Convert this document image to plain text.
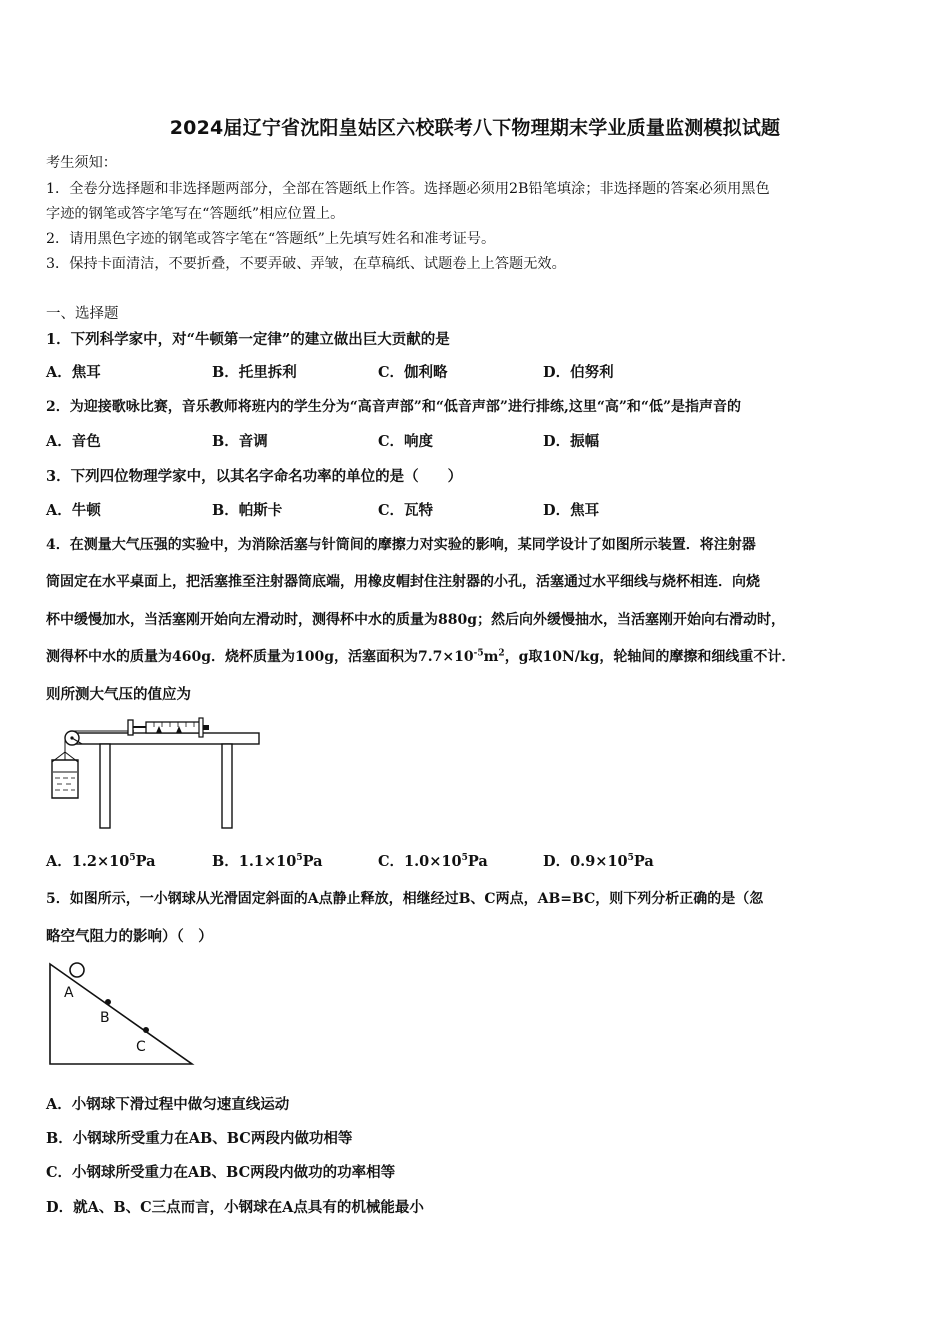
2024届辽宁省沈阳皇姑区六校联考八下物理期末学业质量监测模拟试题
考生须知：
1．全卷分选择题和非选择题两部分，全部在答题纸上作答。选择题必须用2B铅笔填涂；非选择题的答案必须用黑色
字迹的钢笔或答字笔写在“答题纸”相应位置上。
2．请用黑色字迹的钢笔或答字笔在“答题纸”上先填写姓名和准考证号。
3．保持卡面清洁，不要折叠，不要弄破、弄皱，在草稿纸、试题卷上上答题无效。
一、选择题
1．下列科学家中，对“牛顿第一定律”的建立做出巨大贡献的是
A．焦耳	B．托里拆利	C．伽利略	D．伯努利
2．为迎接歌咏比赛，音乐教师将班内的学生分为“高音声部”和“低音声部”进行排练,这里“高”和“低”是指声音的
A．音色	B．音调	C．响度	D．振幅
3．下列四位物理学家中，以其名字命名功率的单位的是（　　）
A．牛顿	B．帕斯卡	C．瓦特	D．焦耳
4．在测量大气压强的实验中，为消除活塞与针筒间的摩擦力对实验的影响，某同学设计了如图所示装置．将注射器
筒固定在水平桌面上，把活塞推至注射器筒底端，用橡皮帽封住注射器的小孔，活塞通过水平细线与烧杯相连．向烧
杯中缓慢加水，当活塞刚开始向左滑动时，测得杯中水的质量为880g；然后向外缓慢抽水，当活塞刚开始向右滑动时，
测得杯中水的质量为460g．烧杯质量为100g，活塞面积为$7.7\times 10^{-5}m^2$，g取10N/kg，轮轴间的摩擦和细线重不计．
则所测大气压的值应为
A．$1.2\times 10^5Pa$	B．$1.1\times 10^5Pa$	C．$1.0\times 10^5Pa$	D．$0.9\times 10^5Pa$
5．如图所示，一小钢球从光滑固定斜面的A点静止释放，相继经过B、C两点，AB=BC，则下列分析正确的是（忽
略空气阻力的影响）（　）
A
B
C
A．小钢球下滑过程中做匀速直线运动
B．小钢球所受重力在AB、BC两段内做功相等
C．小钢球所受重力在AB、BC两段内做功的功率相等
D．就A、B、C三点而言，小钢球在A点具有的机械能最小
